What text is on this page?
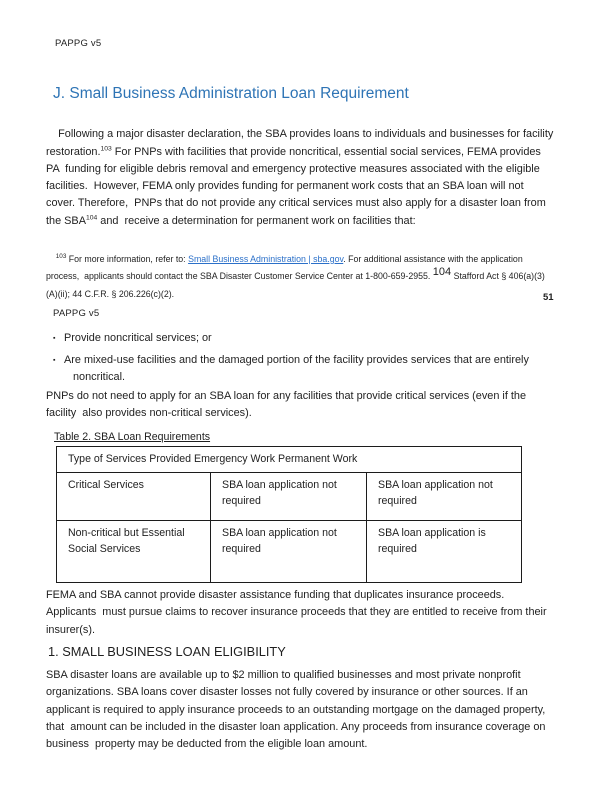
PAPPG v5
J. Small Business Administration Loan Requirement

Following a major disaster declaration, the SBA provides loans to individuals and businesses for facility restoration.$^{103}$ For PNPs with facilities that provide noncritical, essential social services, FEMA provides PA  funding for eligible debris removal and emergency protective measures associated with the eligible facilities.  However, FEMA only provides funding for permanent work costs that an SBA loan will not cover. Therefore,  PNPs that do not provide any critical services must also apply for a disaster loan from the SBA$^{104}$ and  receive a determination for permanent work on facilities that:

$^{103}$ For more information, refer to: Small Business Administration | sba.gov. For additional assistance with the application process,  applicants should contact the SBA Disaster Customer Service Center at 1-800-659-2955. 104 Stafford Act § 406(a)(3)(A)(ii); 44 C.F.R. § 206.226(c)(2).
	51
PAPPG v5
▪ Provide noncritical services; or
▪ Are mixed-use facilities and the damaged portion of the facility provides services that are entirely  noncritical.
PNPs do not need to apply for an SBA loan for any facilities that provide critical services (even if the facility  also provides non-critical services).
Table 2. SBA Loan Requirements
Type of Services Provided Emergency Work Permanent Work		
Critical Services	SBA loan application not required	SBA loan application not required
Non-critical but Essential  Social Services	SBA loan application not required	SBA loan application is required
FEMA and SBA cannot provide disaster assistance funding that duplicates insurance proceeds. Applicants  must pursue claims to recover insurance proceeds that they are entitled to receive from their insurer(s).
1. SMALL BUSINESS LOAN ELIGIBILITY
SBA disaster loans are available up to $2 million to qualified businesses and most private nonprofit organizations. SBA loans cover disaster losses not fully covered by insurance or other sources. If an applicant is required to apply insurance proceeds to an outstanding mortgage on the damaged property, that  amount can be included in the disaster loan application. Any proceeds from insurance coverage on business  property may be deducted from the eligible loan amount.
